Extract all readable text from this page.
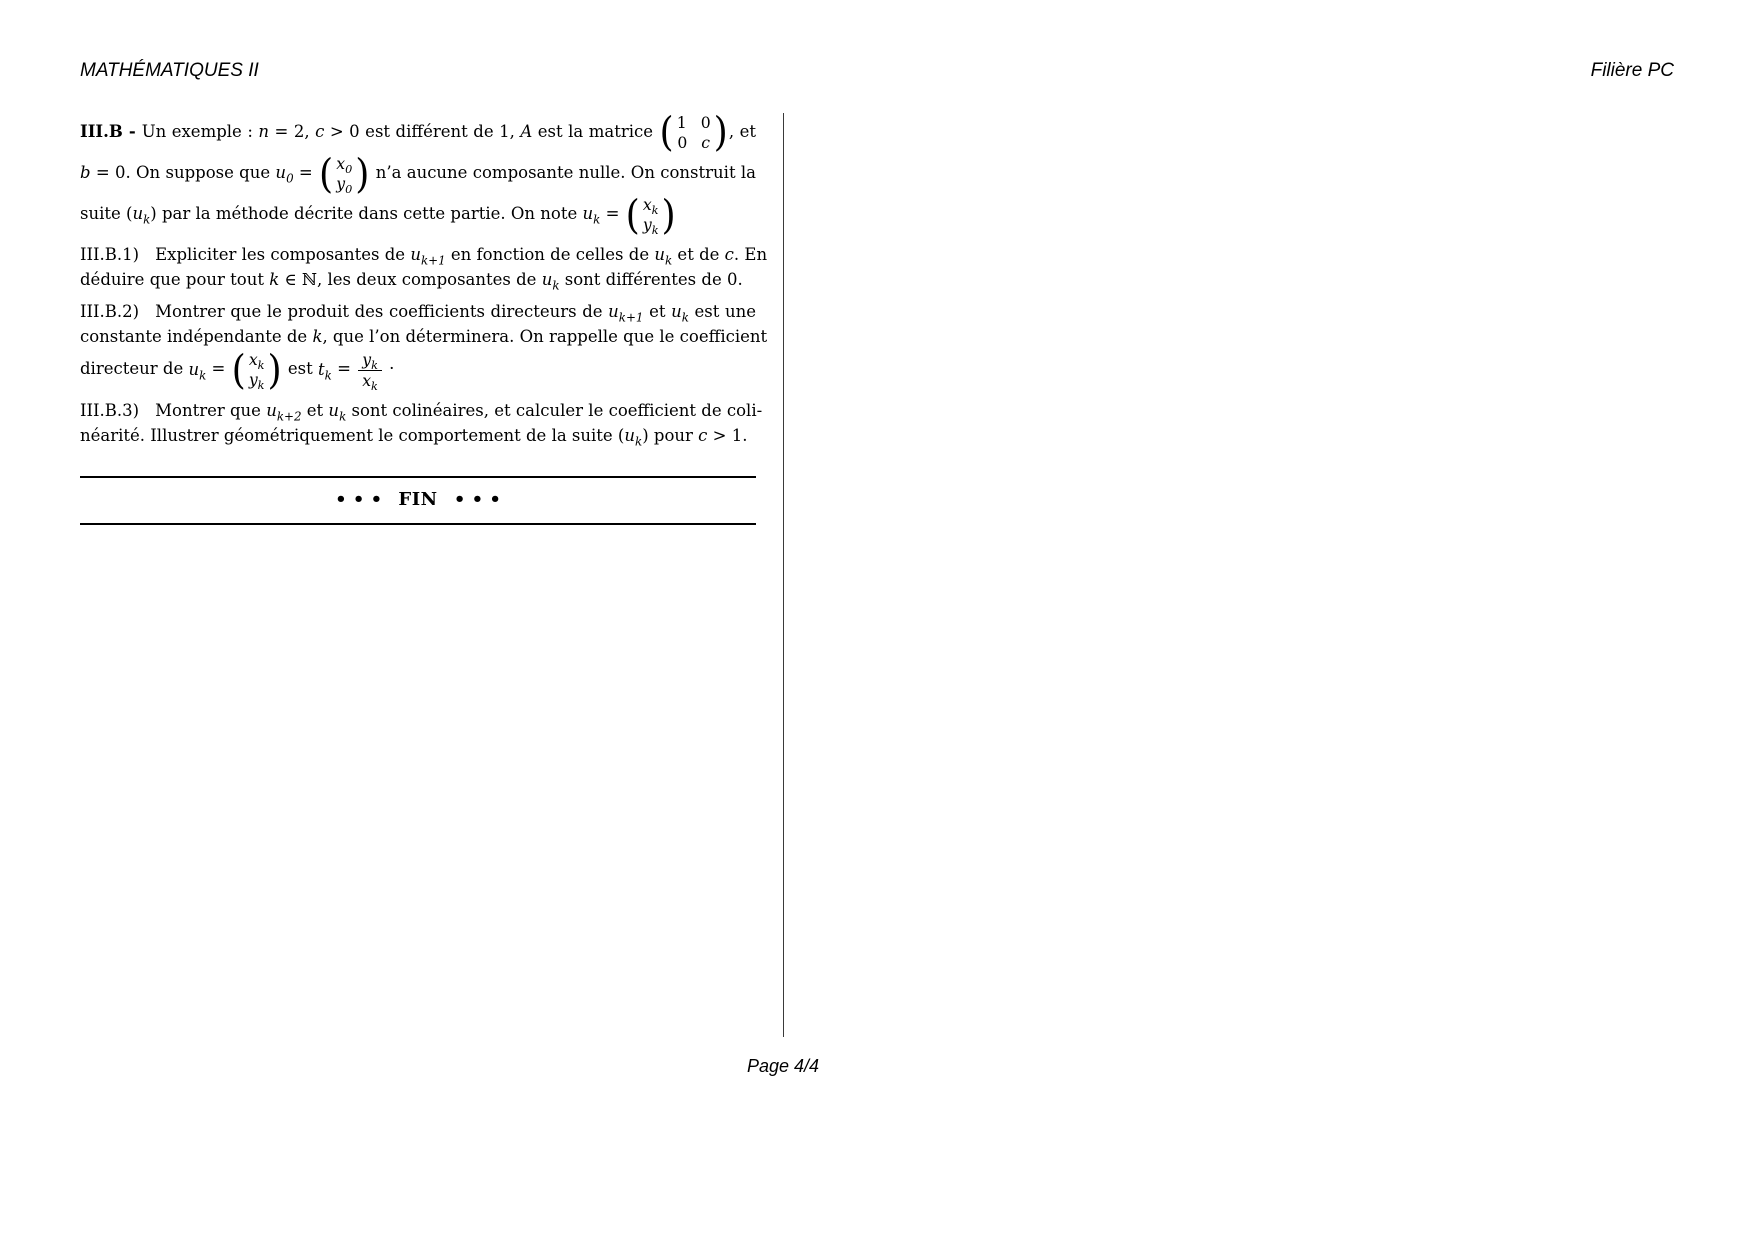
MATHÉMATIQUES II	Filière PC
III.B - Un exemple : n = 2, c > 0 est différent de 1, A est la matrice ( 1 0
0 c ) , et
b = 0. On suppose que $u_0$ = ( $x_0$
$y_0$ ) n’a aucune composante nulle. On construit la
suite $(u_k)$ par la méthode décrite dans cette partie. On note $u_k$ = ( $x_k$
$y_k$ )
III.B.1) Expliciter les composantes de $u_{k+1}$ en fonction de celles de $u_k$ et de c. En
déduire que pour tout k ∈ ℕ, les deux composantes de $u_k$ sont différentes de 0.
III.B.2) Montrer que le produit des coefficients directeurs de $u_{k+1}$ et $u_k$ est une
constante indépendante de k, que l’on déterminera. On rappelle que le coefficient
directeur de $u_k$ = ( $x_k$
$y_k$ ) est $t_k = \frac{y_k}{x_k}$ ·
III.B.3) Montrer que $u_{k+2}$ et $u_k$ sont colinéaires, et calculer le coefficient de coli-
néarité. Illustrer géométriquement le comportement de la suite $(u_k)$ pour c > 1.
• • • FIN • • •
Page 4/4
